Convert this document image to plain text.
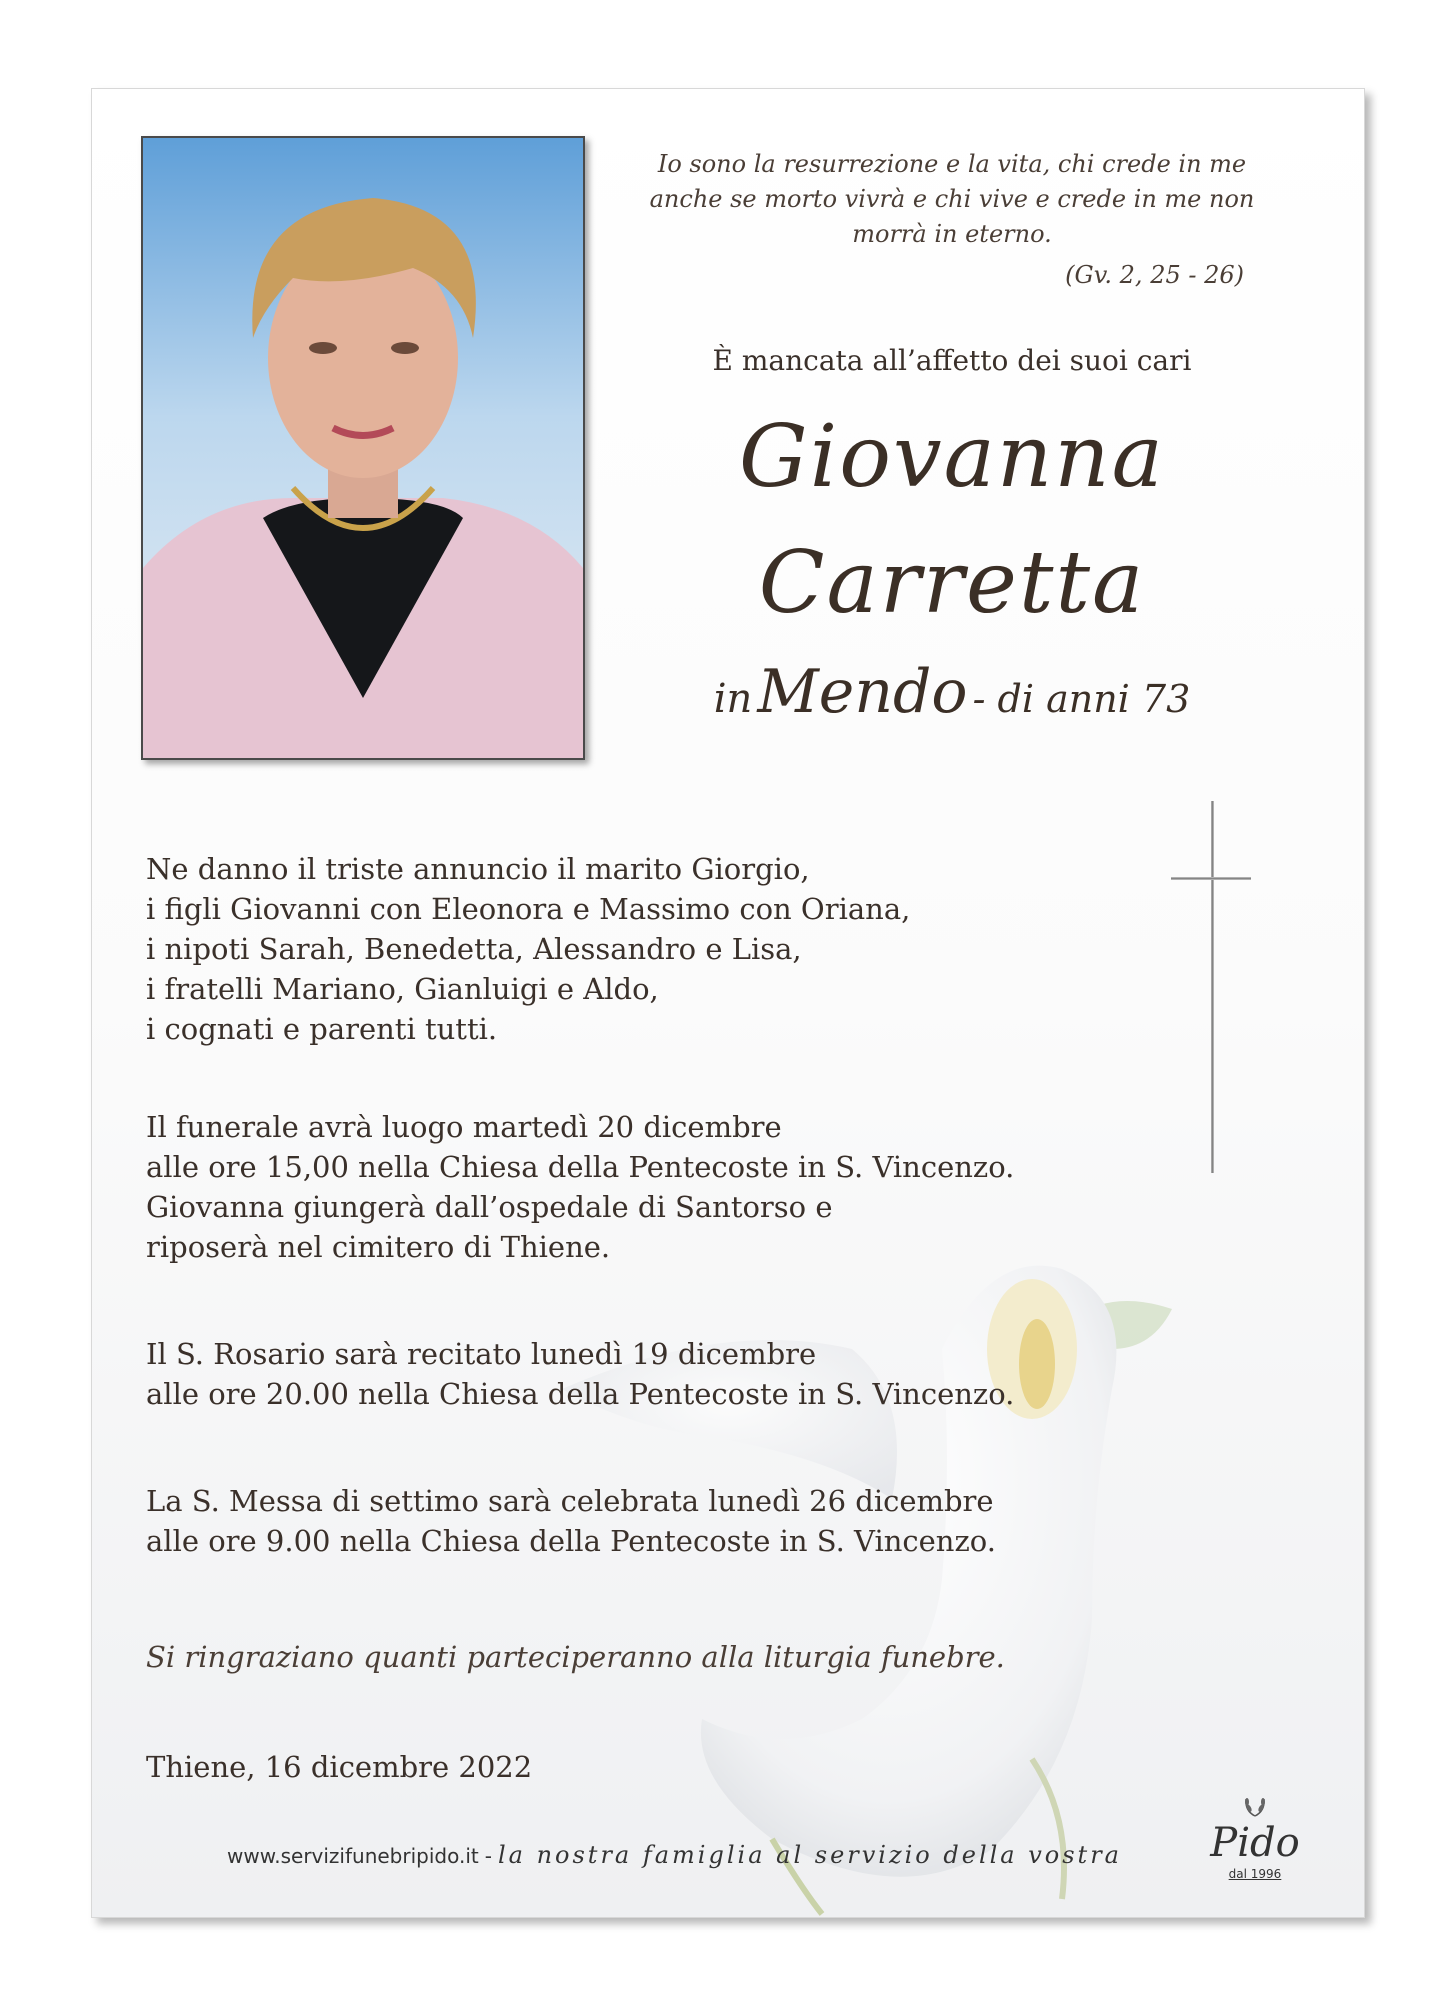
Io sono la resurrezione e la vita, chi crede in me
anche se morto vivrà e chi vive e crede in me non
morrà in eterno.
(Gv. 2, 25 - 26)
È mancata all’affetto dei suoi cari
Giovanna
Carretta
in Mendo - di anni 73
Ne danno il triste annuncio il marito Giorgio,
i figli Giovanni con Eleonora e Massimo con Oriana,
i nipoti Sarah, Benedetta, Alessandro e Lisa,
i fratelli Mariano, Gianluigi e Aldo,
i cognati e parenti tutti.
Il funerale avrà luogo martedì 20 dicembre
alle ore 15,00 nella Chiesa della Pentecoste in S. Vincenzo.
Giovanna giungerà dall’ospedale di Santorso e
riposerà nel cimitero di Thiene.
Il S. Rosario sarà recitato lunedì 19 dicembre
alle ore 20.00 nella Chiesa della Pentecoste in S. Vincenzo.
La S. Messa di settimo sarà celebrata lunedì 26 dicembre
alle ore 9.00 nella Chiesa della Pentecoste in S. Vincenzo.
Si ringraziano quanti parteciperanno alla liturgia funebre.
Thiene, 16 dicembre 2022
www.servizifunebripido.it - la nostra famiglia al servizio della vostra Pido
dal 1996
